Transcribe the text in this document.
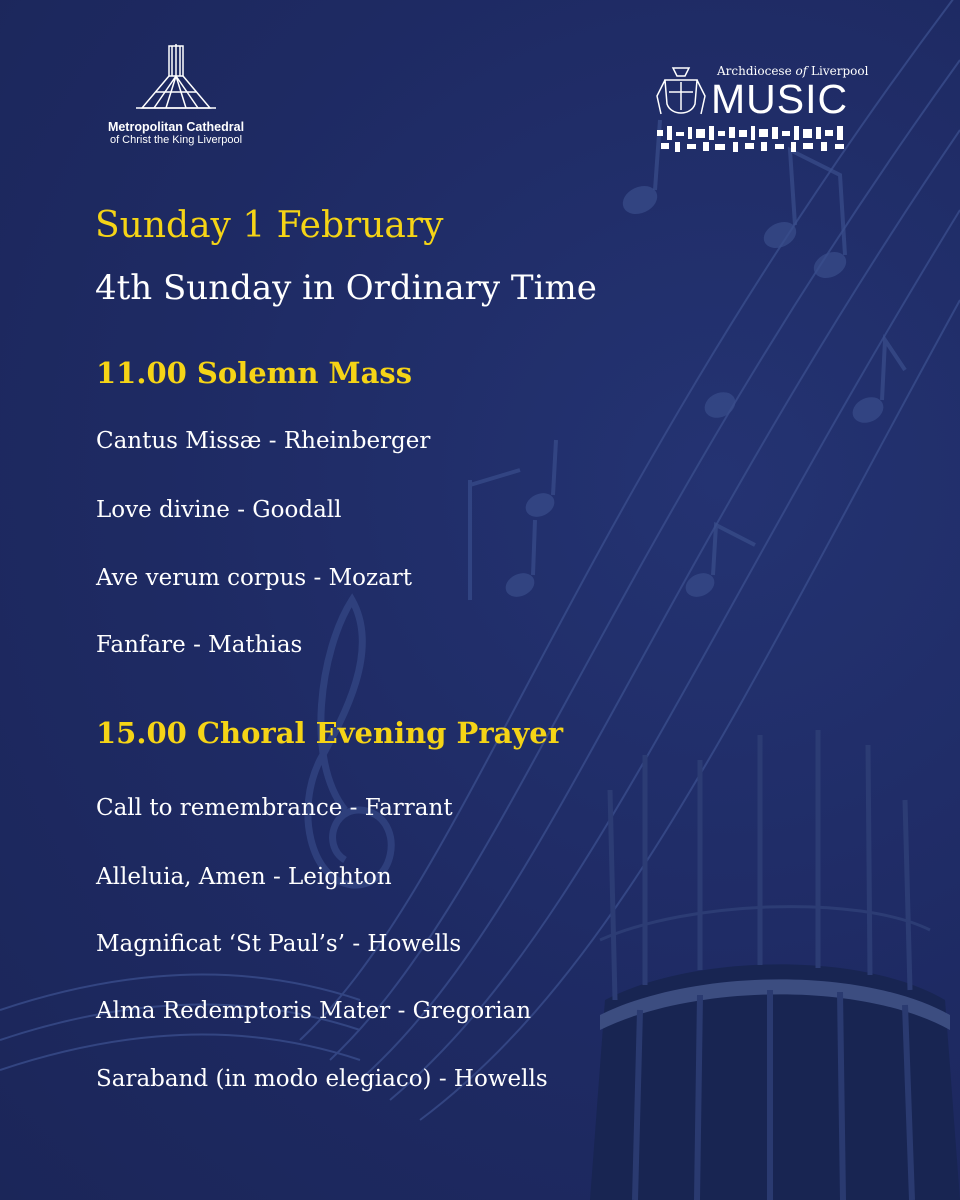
Metropolitan Cathedral
of Christ the King Liverpool
Archdiocese of Liverpool
MUSIC
Sunday 1 February
4th Sunday in Ordinary Time
11.00 Solemn Mass
Cantus Missæ - Rheinberger
Love divine - Goodall
Ave verum corpus - Mozart
Fanfare - Mathias
15.00 Choral Evening Prayer
Call to remembrance - Farrant
Alleluia, Amen - Leighton
Magnificat ‘St Paul’s’ - Howells
Alma Redemptoris Mater - Gregorian
Saraband (in modo elegiaco) - Howells
